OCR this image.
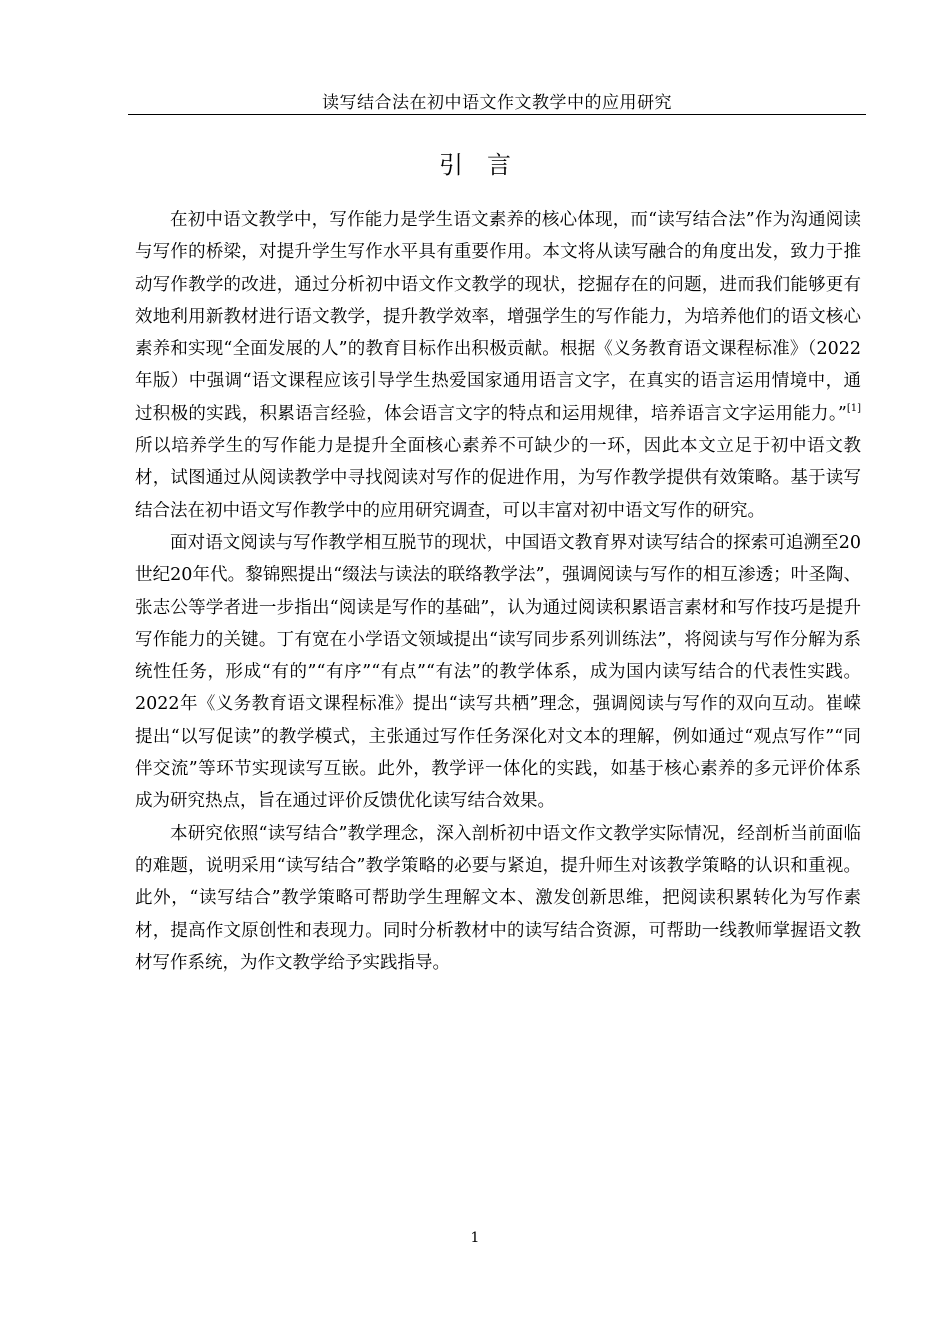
读写结合法在初中语文作文教学中的应用研究
引言

在初中语文教学中，写作能力是学生语文素养的核心体现，而“读写结合法”作为沟通阅读与写作的桥梁，对提升学生写作水平具有重要作用。本文将从读写融合的角度出发，致力于推动写作教学的改进，通过分析初中语文作文教学的现状，挖掘存在的问题，进而我们能够更有效地利用新教材进行语文教学，提升教学效率，增强学生的写作能力，为培养他们的语文核心素养和实现“全面发展的人”的教育目标作出积极贡献。根据《义务教育语文课程标准》（2022年版）中强调“语文课程应该引导学生热爱国家通用语言文字，在真实的语言运用情境中，通过积极的实践，积累语言经验，体会语言文字的特点和运用规律，培养语言文字运用能力。”[1]所以培养学生的写作能力是提升全面核心素养不可缺少的一环，因此本文立足于初中语文教材，试图通过从阅读教学中寻找阅读对写作的促进作用，为写作教学提供有效策略。基于读写结合法在初中语文写作教学中的应用研究调查，可以丰富对初中语文写作的研究。

面对语文阅读与写作教学相互脱节的现状，中国语文教育界对读写结合的探索可追溯至20世纪20年代。黎锦熙提出“缀法与读法的联络教学法”，强调阅读与写作的相互渗透；叶圣陶、张志公等学者进一步指出“阅读是写作的基础”，认为通过阅读积累语言素材和写作技巧是提升写作能力的关键。丁有宽在小学语文领域提出“读写同步系列训练法”，将阅读与写作分解为系统性任务，形成“有的”“有序”“有点”“有法”的教学体系，成为国内读写结合的代表性实践。2022年《义务教育语文课程标准》提出“读写共栖”理念，强调阅读与写作的双向互动。崔嵘提出“以写促读”的教学模式，主张通过写作任务深化对文本的理解，例如通过“观点写作”“同伴交流”等环节实现读写互嵌。此外，教学评一体化的实践，如基于核心素养的多元评价体系成为研究热点，旨在通过评价反馈优化读写结合效果。

本研究依照“读写结合”教学理念，深入剖析初中语文作文教学实际情况，经剖析当前面临的难题，说明采用“读写结合”教学策略的必要与紧迫，提升师生对该教学策略的认识和重视。此外，“读写结合”教学策略可帮助学生理解文本、激发创新思维，把阅读积累转化为写作素材，提高作文原创性和表现力。同时分析教材中的读写结合资源，可帮助一线教师掌握语文教材写作系统，为作文教学给予实践指导。

1
